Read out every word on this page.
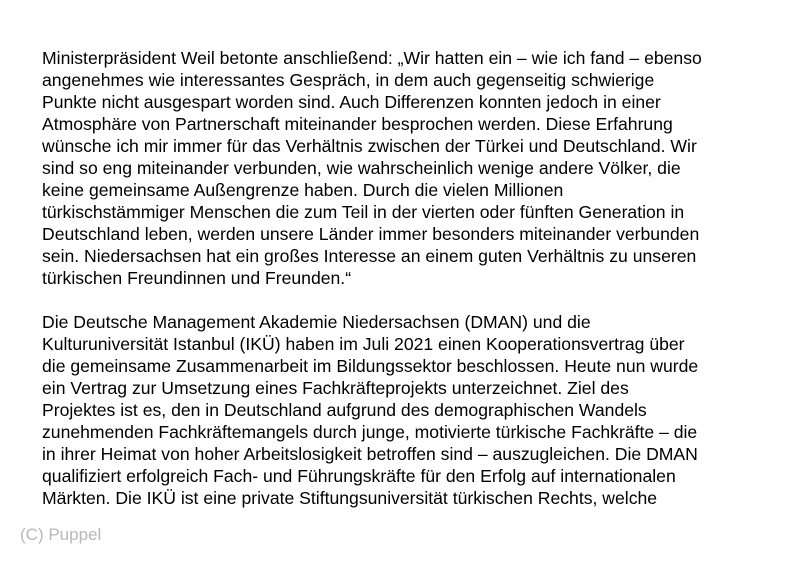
Ministerpräsident Weil betonte anschließend: „Wir hatten ein – wie ich fand – ebenso
angenehmes wie interessantes Gespräch, in dem auch gegenseitig schwierige
Punkte nicht ausgespart worden sind. Auch Differenzen konnten jedoch in einer
Atmosphäre von Partnerschaft miteinander besprochen werden. Diese Erfahrung
wünsche ich mir immer für das Verhältnis zwischen der Türkei und Deutschland. Wir
sind so eng miteinander verbunden, wie wahrscheinlich wenige andere Völker, die
keine gemeinsame Außengrenze haben. Durch die vielen Millionen
türkischstämmiger Menschen die zum Teil in der vierten oder fünften Generation in
Deutschland leben, werden unsere Länder immer besonders miteinander verbunden
sein. Niedersachsen hat ein großes Interesse an einem guten Verhältnis zu unseren
türkischen Freundinnen und Freunden.“

Die Deutsche Management Akademie Niedersachsen (DMAN) und die
Kulturuniversität Istanbul (IKÜ) haben im Juli 2021 einen Kooperationsvertrag über
die gemeinsame Zusammenarbeit im Bildungssektor beschlossen. Heute nun wurde
ein Vertrag zur Umsetzung eines Fachkräfteprojekts unterzeichnet. Ziel des
Projektes ist es, den in Deutschland aufgrund des demographischen Wandels
zunehmenden Fachkräftemangels durch junge, motivierte türkische Fachkräfte – die
in ihrer Heimat von hoher Arbeitslosigkeit betroffen sind – auszugleichen. Die DMAN
qualifiziert erfolgreich Fach- und Führungskräfte für den Erfolg auf internationalen
Märkten. Die IKÜ ist eine private Stiftungsuniversität türkischen Rechts, welche

(C) Puppel
